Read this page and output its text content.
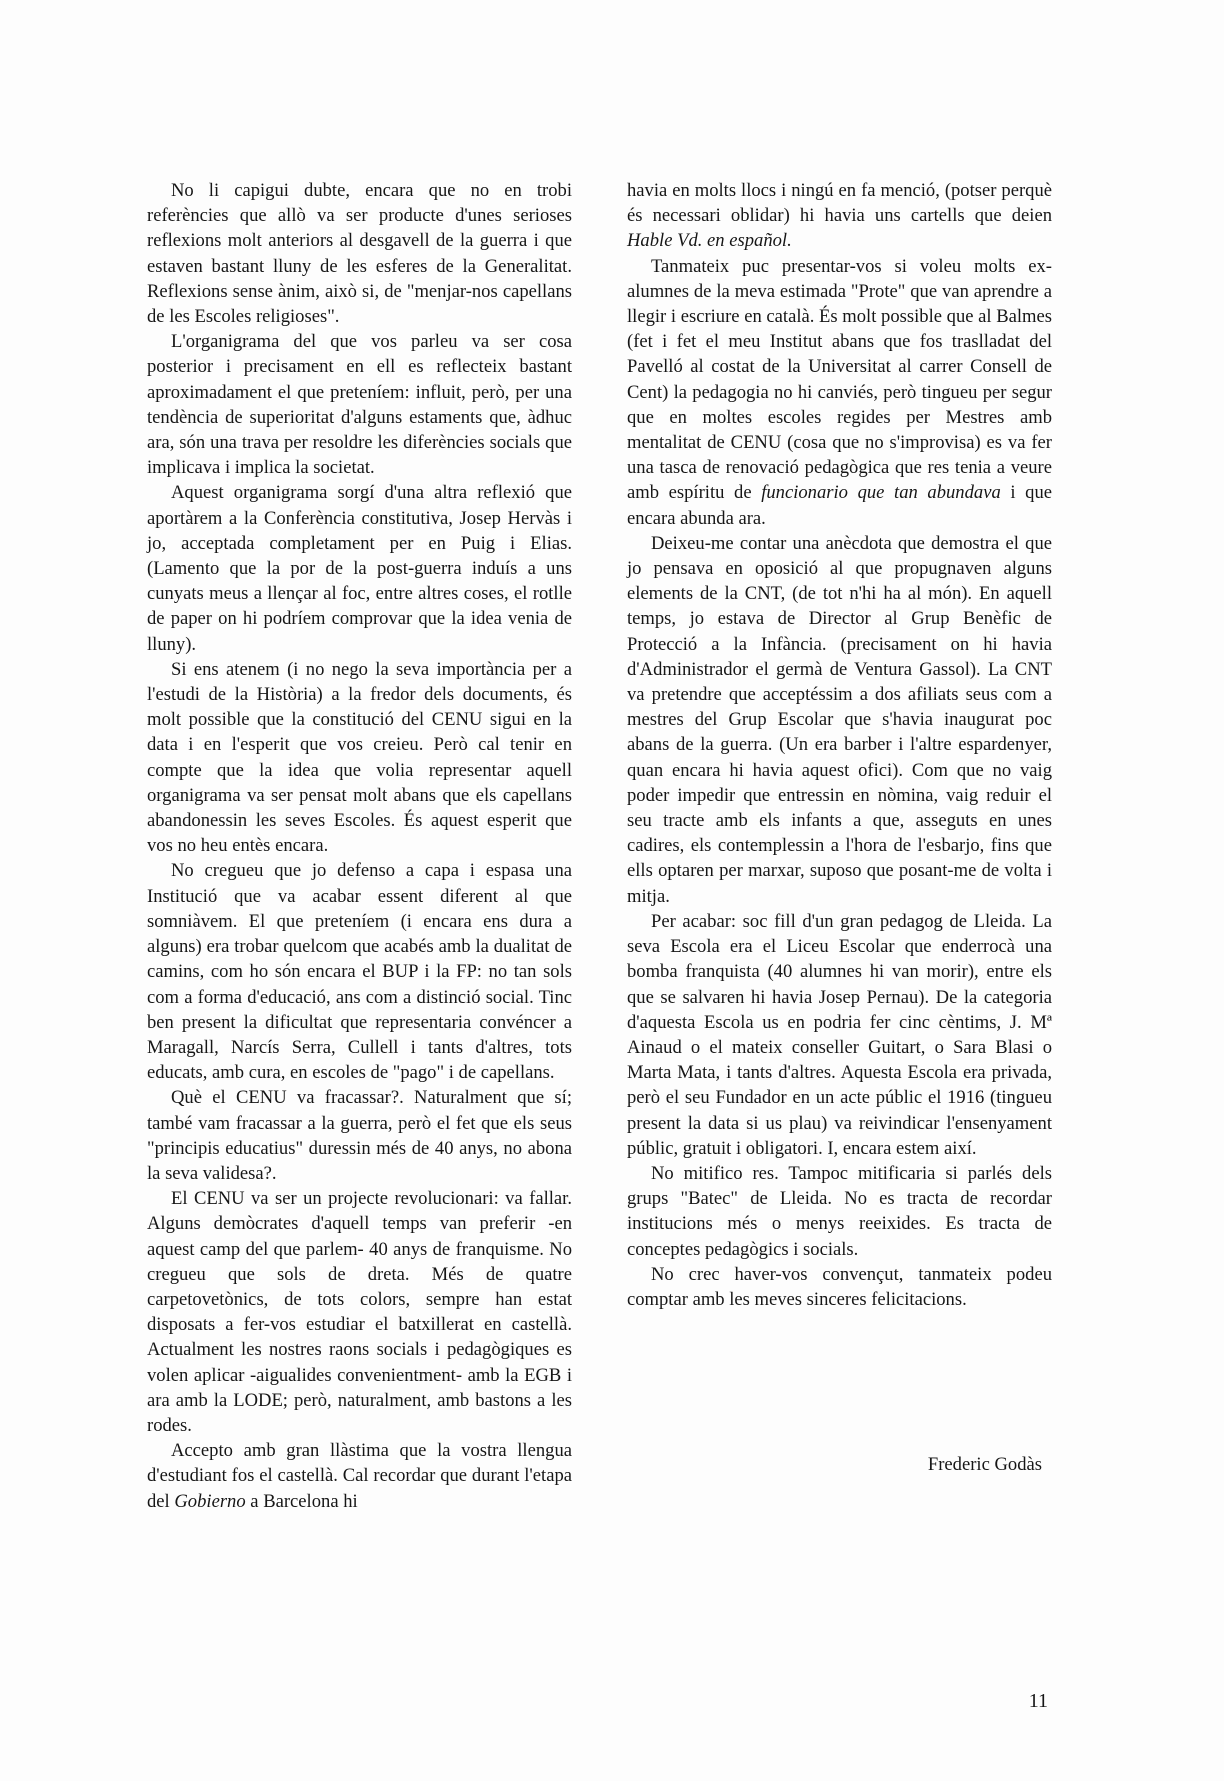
No li capigui dubte, encara que no en trobi referències que allò va ser producte d'unes serioses reflexions molt anteriors al desgavell de la guerra i que estaven bastant lluny de les esferes de la Generalitat. Reflexions sense ànim, això si, de "menjar-nos capellans de les Escoles religioses".

L'organigrama del que vos parleu va ser cosa posterior i precisament en ell es reflecteix bastant aproximadament el que preteníem: influit, però, per una tendència de superioritat d'alguns estaments que, àdhuc ara, són una trava per resoldre les diferències socials que implicava i implica la societat.

Aquest organigrama sorgí d'una altra reflexió que aportàrem a la Conferència constitutiva, Josep Hervàs i jo, acceptada completament per en Puig i Elias. (Lamento que la por de la post-guerra induís a uns cunyats meus a llençar al foc, entre altres coses, el rotlle de paper on hi podríem comprovar que la idea venia de lluny).

Si ens atenem (i no nego la seva importància per a l'estudi de la Història) a la fredor dels documents, és molt possible que la constitució del CENU sigui en la data i en l'esperit que vos creieu. Però cal tenir en compte que la idea que volia representar aquell organigrama va ser pensat molt abans que els capellans abandonessin les seves Escoles. És aquest esperit que vos no heu entès encara.

No cregueu que jo defenso a capa i espasa una Institució que va acabar essent diferent al que somniàvem. El que preteníem (i encara ens dura a alguns) era trobar quelcom que acabés amb la dualitat de camins, com ho són encara el BUP i la FP: no tan sols com a forma d'educació, ans com a distinció social. Tinc ben present la dificultat que representaria convéncer a Maragall, Narcís Serra, Cullell i tants d'altres, tots educats, amb cura, en escoles de "pago" i de capellans.

Què el CENU va fracassar?. Naturalment que sí; també vam fracassar a la guerra, però el fet que els seus "principis educatius" duressin més de 40 anys, no abona la seva validesa?.

El CENU va ser un projecte revolucionari: va fallar. Alguns demòcrates d'aquell temps van preferir -en aquest camp del que parlem- 40 anys de franquisme. No cregueu que sols de dreta. Més de quatre carpetovetònics, de tots colors, sempre han estat disposats a fer-vos estudiar el batxillerat en castellà. Actualment les nostres raons socials i pedagògiques es volen aplicar -aigualides convenientment- amb la EGB i ara amb la LODE; però, naturalment, amb bastons a les rodes.

Accepto amb gran llàstima que la vostra llengua d'estudiant fos el castellà. Cal recordar que durant l'etapa del Gobierno a Barcelona hi

havia en molts llocs i ningú en fa menció, (potser perquè és necessari oblidar) hi havia uns cartells que deien Hable Vd. en español.

Tanmateix puc presentar-vos si voleu molts ex-alumnes de la meva estimada "Prote" que van aprendre a llegir i escriure en català. És molt possible que al Balmes (fet i fet el meu Institut abans que fos traslladat del Pavelló al costat de la Universitat al carrer Consell de Cent) la pedagogia no hi canviés, però tingueu per segur que en moltes escoles regides per Mestres amb mentalitat de CENU (cosa que no s'improvisa) es va fer una tasca de renovació pedagògica que res tenia a veure amb espíritu de funcionario que tan abundava i que encara abunda ara.

Deixeu-me contar una anècdota que demostra el que jo pensava en oposició al que propugnaven alguns elements de la CNT, (de tot n'hi ha al món). En aquell temps, jo estava de Director al Grup Benèfic de Protecció a la Infància. (precisament on hi havia d'Administrador el germà de Ventura Gassol). La CNT va pretendre que acceptéssim a dos afiliats seus com a mestres del Grup Escolar que s'havia inaugurat poc abans de la guerra. (Un era barber i l'altre espardenyer, quan encara hi havia aquest ofici). Com que no vaig poder impedir que entressin en nòmina, vaig reduir el seu tracte amb els infants a que, asseguts en unes cadires, els contemplessin a l'hora de l'esbarjo, fins que ells optaren per marxar, suposo que posant-me de volta i mitja.

Per acabar: soc fill d'un gran pedagog de Lleida. La seva Escola era el Liceu Escolar que enderrocà una bomba franquista (40 alumnes hi van morir), entre els que se salvaren hi havia Josep Pernau). De la categoria d'aquesta Escola us en podria fer cinc cèntims, J. Mª Ainaud o el mateix conseller Guitart, o Sara Blasi o Marta Mata, i tants d'altres. Aquesta Escola era privada, però el seu Fundador en un acte públic el 1916 (tingueu present la data si us plau) va reivindicar l'ensenyament públic, gratuit i obligatori. I, encara estem així.

No mitifico res. Tampoc mitificaria si parlés dels grups "Batec" de Lleida. No es tracta de recordar institucions més o menys reeixides. Es tracta de conceptes pedagògics i socials.

No crec haver-vos convençut, tanmateix podeu comptar amb les meves sinceres felicitacions.

Frederic Godàs
11
